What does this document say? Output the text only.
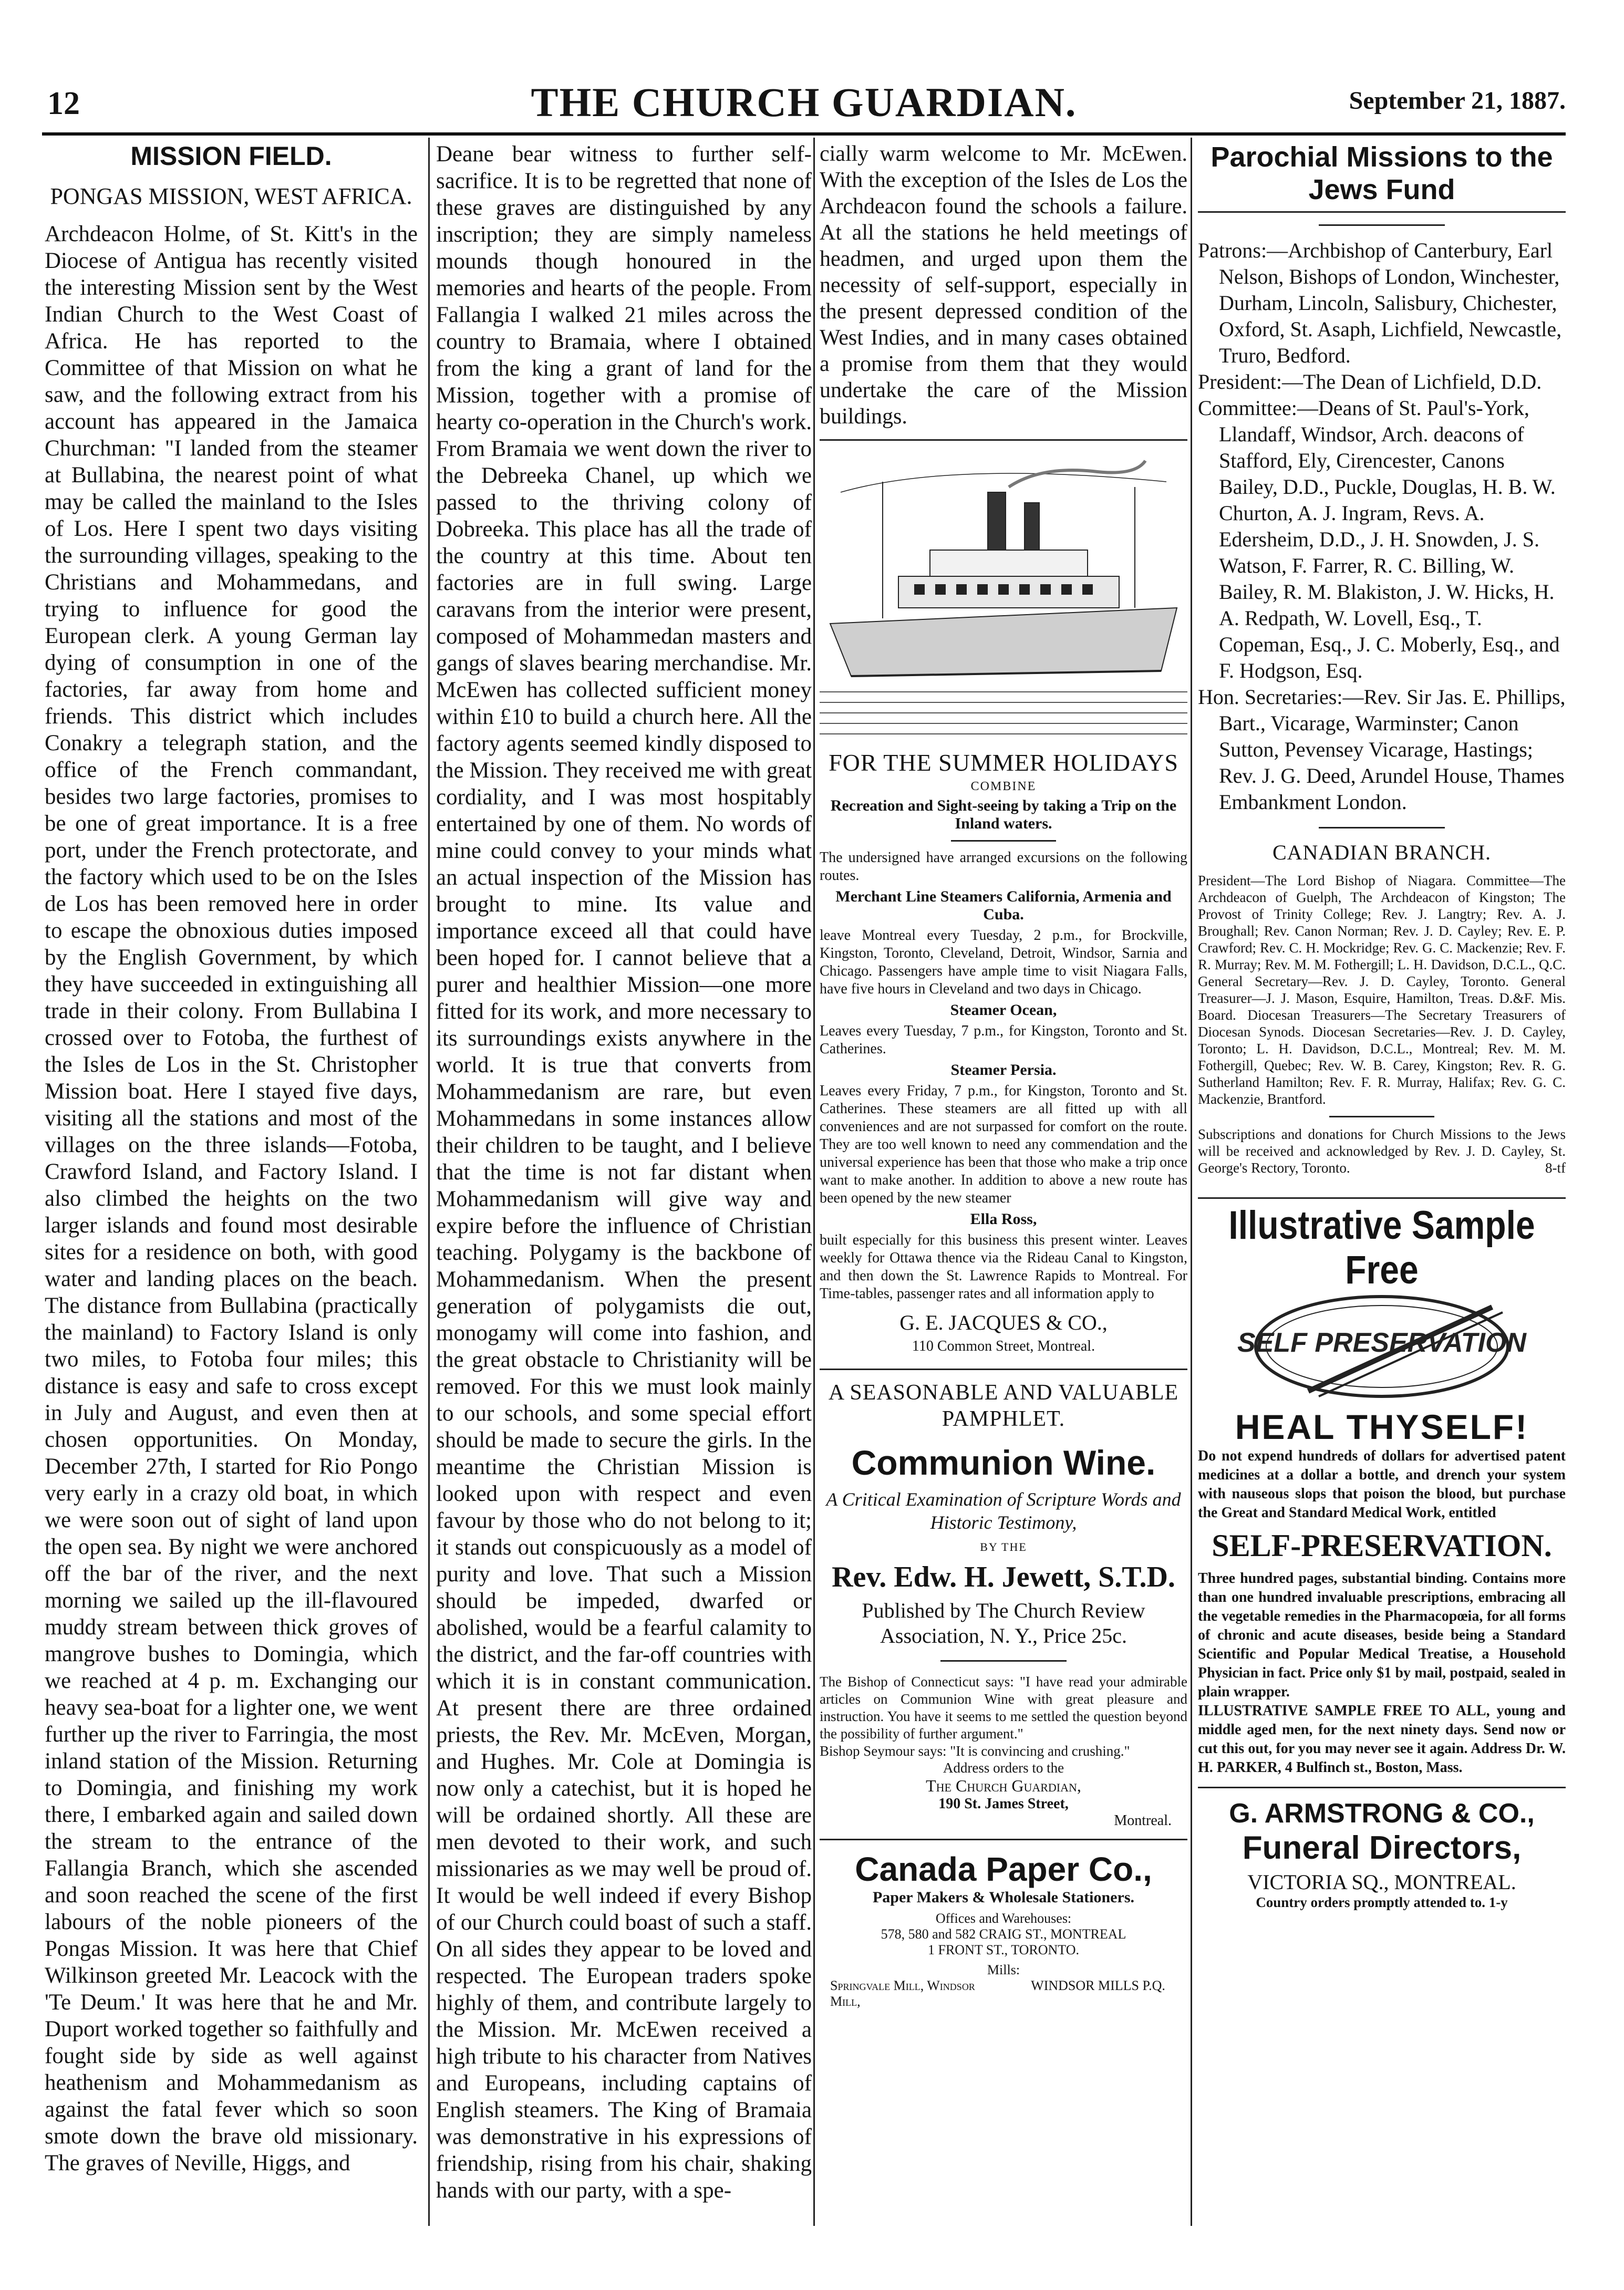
12	THE CHURCH GUARDIAN.	September 21, 1887.
MISSION FIELD.
PONGAS MISSION, WEST AFRICA.
Archdeacon Holme, of St. Kitt's in the Diocese of Antigua has recently visited the interesting Mission sent by the West Indian Church to the West Coast of Africa. He has reported to the Committee of that Mission on what he saw, and the following extract from his account has appeared in the Jamaica Churchman: "I landed from the steamer at Bullabina, the nearest point of what may be called the mainland to the Isles of Los. Here I spent two days visiting the surrounding villages, speaking to the Christians and Mohammedans, and trying to influence for good the European clerk. A young German lay dying of consumption in one of the factories, far away from home and friends. This district which includes Conakry a telegraph station, and the office of the French commandant, besides two large factories, promises to be one of great importance. It is a free port, under the French protectorate, and the factory which used to be on the Isles de Los has been removed here in order to escape the obnoxious duties imposed by the English Government, by which they have succeeded in extinguishing all trade in their colony. From Bullabina I crossed over to Fotoba, the furthest of the Isles de Los in the St. Christopher Mission boat. Here I stayed five days, visiting all the stations and most of the villages on the three islands—Fotoba, Crawford Island, and Factory Island. I also climbed the heights on the two larger islands and found most desirable sites for a residence on both, with good water and landing places on the beach. The distance from Bullabina (practically the mainland) to Factory Island is only two miles, to Fotoba four miles; this distance is easy and safe to cross except in July and August, and even then at chosen opportunities. On Monday, December 27th, I started for Rio Pongo very early in a crazy old boat, in which we were soon out of sight of land upon the open sea. By night we were anchored off the bar of the river, and the next morning we sailed up the ill-flavoured muddy stream between thick groves of mangrove bushes to Domingia, which we reached at 4 p. m. Exchanging our heavy sea-boat for a lighter one, we went further up the river to Farringia, the most inland station of the Mission. Returning to Domingia, and finishing my work there, I embarked again and sailed down the stream to the entrance of the Fallangia Branch, which she ascended and soon reached the scene of the first labours of the noble pioneers of the Pongas Mission. It was here that Chief Wilkinson greeted Mr. Leacock with the 'Te Deum.' It was here that he and Mr. Duport worked together so faithfully and fought side by side as well against heathenism and Mohammedanism as against the fatal fever which so soon smote down the brave old missionary. The graves of Neville, Higgs, and
Deane bear witness to further self-sacrifice. It is to be regretted that none of these graves are distinguished by any inscription; they are simply nameless mounds though honoured in the memories and hearts of the people. From Fallangia I walked 21 miles across the country to Bramaia, where I obtained from the king a grant of land for the Mission, together with a promise of hearty co-operation in the Church's work. From Bramaia we went down the river to the Debreeka Chanel, up which we passed to the thriving colony of Dobreeka. This place has all the trade of the country at this time. About ten factories are in full swing. Large caravans from the interior were present, composed of Mohammedan masters and gangs of slaves bearing merchandise. Mr. McEwen has collected sufficient money within £10 to build a church here. All the factory agents seemed kindly disposed to the Mission. They received me with great cordiality, and I was most hospitably entertained by one of them. No words of mine could convey to your minds what an actual inspection of the Mission has brought to mine. Its value and importance exceed all that could have been hoped for. I cannot believe that a purer and healthier Mission—one more fitted for its work, and more necessary to its surroundings exists anywhere in the world. It is true that converts from Mohammedanism are rare, but even Mohammedans in some instances allow their children to be taught, and I believe that the time is not far distant when Mohammedanism will give way and expire before the influence of Christian teaching. Polygamy is the backbone of Mohammedanism. When the present generation of polygamists die out, monogamy will come into fashion, and the great obstacle to Christianity will be removed. For this we must look mainly to our schools, and some special effort should be made to secure the girls. In the meantime the Christian Mission is looked upon with respect and even favour by those who do not belong to it; it stands out conspicuously as a model of purity and love. That such a Mission should be impeded, dwarfed or abolished, would be a fearful calamity to the district, and the far-off countries with which it is in constant communication. At present there are three ordained priests, the Rev. Mr. McEven, Morgan, and Hughes. Mr. Cole at Domingia is now only a catechist, but it is hoped he will be ordained shortly. All these are men devoted to their work, and such missionaries as we may well be proud of. It would be well indeed if every Bishop of our Church could boast of such a staff. On all sides they appear to be loved and respected. The European traders spoke highly of them, and contribute largely to the Mission. Mr. McEwen received a high tribute to his character from Natives and Europeans, including captains of English steamers. The King of Bramaia was demonstrative in his expressions of friendship, rising from his chair, shaking hands with our party, with a spe-
cially warm welcome to Mr. McEwen. With the exception of the Isles de Los the Archdeacon found the schools a failure. At all the stations he held meetings of headmen, and urged upon them the necessity of self-support, especially in the present depressed condition of the West Indies, and in many cases obtained a promise from them that they would undertake the care of the Mission buildings.
FOR THE SUMMER HOLIDAYS
COMBINE
Recreation and Sight-seeing by taking a Trip on the Inland waters.
The undersigned have arranged excursions on the following routes.
Merchant Line Steamers California, Armenia and Cuba.
leave Montreal every Tuesday, 2 p.m., for Brockville, Kingston, Toronto, Cleveland, Detroit, Windsor, Sarnia and Chicago. Passengers have ample time to visit Niagara Falls, have five hours in Cleveland and two days in Chicago.
Steamer Ocean,
Leaves every Tuesday, 7 p.m., for Kingston, Toronto and St. Catherines.
Steamer Persia.
Leaves every Friday, 7 p.m., for Kingston, Toronto and St. Catherines. These steamers are all fitted up with all conveniences and are not surpassed for comfort on the route. They are too well known to need any commendation and the universal experience has been that those who make a trip once want to make another. In addition to above a new route has been opened by the new steamer
Ella Ross,
built especially for this business this present winter. Leaves weekly for Ottawa thence via the Rideau Canal to Kingston, and then down the St. Lawrence Rapids to Montreal. For Time-tables, passenger rates and all information apply to
G. E. JACQUES & CO.,
110 Common Street, Montreal.
A SEASONABLE AND VALUABLE PAMPHLET.
Communion Wine.
A Critical Examination of Scripture Words and Historic Testimony,
BY THE
Rev. Edw. H. Jewett, S.T.D.
Published by The Church Review Association, N. Y., Price 25c.
The Bishop of Connecticut says: "I have read your admirable articles on Communion Wine with great pleasure and instruction. You have it seems to me settled the question beyond the possibility of further argument."
Bishop Seymour says: "It is convincing and crushing."
Address orders to the
The Church Guardian,
190 St. James Street,
Montreal.
Canada Paper Co.,
Paper Makers & Wholesale Stationers.
Offices and Warehouses:
578, 580 and 582 CRAIG ST., MONTREAL
1 FRONT ST., TORONTO.
Mills:
Springvale Mill, Windsor Mill,
WINDSOR MILLS P.Q.
Parochial Missions to the Jews Fund

Patrons:—Archbishop of Canterbury, Earl Nelson, Bishops of London, Winchester, Durham, Lincoln, Salisbury, Chichester, Oxford, St. Asaph, Lichfield, Newcastle, Truro, Bedford.

President:—The Dean of Lichfield, D.D.

Committee:—Deans of St. Paul's-York, Llandaff, Windsor, Arch. deacons of Stafford, Ely, Cirencester, Canons Bailey, D.D., Puckle, Douglas, H. B. W. Churton, A. J. Ingram, Revs. A. Edersheim, D.D., J. H. Snowden, J. S. Watson, F. Farrer, R. C. Billing, W. Bailey, R. M. Blakiston, J. W. Hicks, H. A. Redpath, W. Lovell, Esq., T. Copeman, Esq., J. C. Moberly, Esq., and F. Hodgson, Esq.

Hon. Secretaries:—Rev. Sir Jas. E. Phillips, Bart., Vicarage, Warminster; Canon Sutton, Pevensey Vicarage, Hastings; Rev. J. G. Deed, Arundel House, Thames Embankment London.

CANADIAN BRANCH.
President—The Lord Bishop of Niagara. Committee—The Archdeacon of Guelph, The Archdeacon of Kingston; The Provost of Trinity College; Rev. J. Langtry; Rev. A. J. Broughall; Rev. Canon Norman; Rev. J. D. Cayley; Rev. E. P. Crawford; Rev. C. H. Mockridge; Rev. G. C. Mackenzie; Rev. F. R. Murray; Rev. M. M. Fothergill; L. H. Davidson, D.C.L., Q.C. General Secretary—Rev. J. D. Cayley, Toronto. General Treasurer—J. J. Mason, Esquire, Hamilton, Treas. D.&F. Mis. Board. Diocesan Treasurers—The Secretary Treasurers of Diocesan Synods. Diocesan Secretaries—Rev. J. D. Cayley, Toronto; L. H. Davidson, D.C.L., Montreal; Rev. M. M. Fothergill, Quebec; Rev. W. B. Carey, Kingston; Rev. R. G. Sutherland Hamilton; Rev. F. R. Murray, Halifax; Rev. G. C. Mackenzie, Brantford.
Subscriptions and donations for Church Missions to the Jews will be received and acknowledged by Rev. J. D. Cayley, St. George's Rectory, Toronto.	8-tf
Illustrative Sample Free
SELF PRESERVATION
HEAL THYSELF!
Do not expend hundreds of dollars for advertised patent medicines at a dollar a bottle, and drench your system with nauseous slops that poison the blood, but purchase the Great and Standard Medical Work, entitled
SELF-PRESERVATION.
Three hundred pages, substantial binding. Contains more than one hundred invaluable prescriptions, embracing all the vegetable remedies in the Pharmacopœia, for all forms of chronic and acute diseases, beside being a Standard Scientific and Popular Medical Treatise, a Household Physician in fact. Price only $1 by mail, postpaid, sealed in plain wrapper.
ILLUSTRATIVE SAMPLE FREE TO ALL, young and middle aged men, for the next ninety days. Send now or cut this out, for you may never see it again. Address Dr. W. H. PARKER, 4 Bulfinch st., Boston, Mass.
G. ARMSTRONG & CO.,
Funeral Directors,
VICTORIA SQ., MONTREAL.
Country orders promptly attended to. 1-y
